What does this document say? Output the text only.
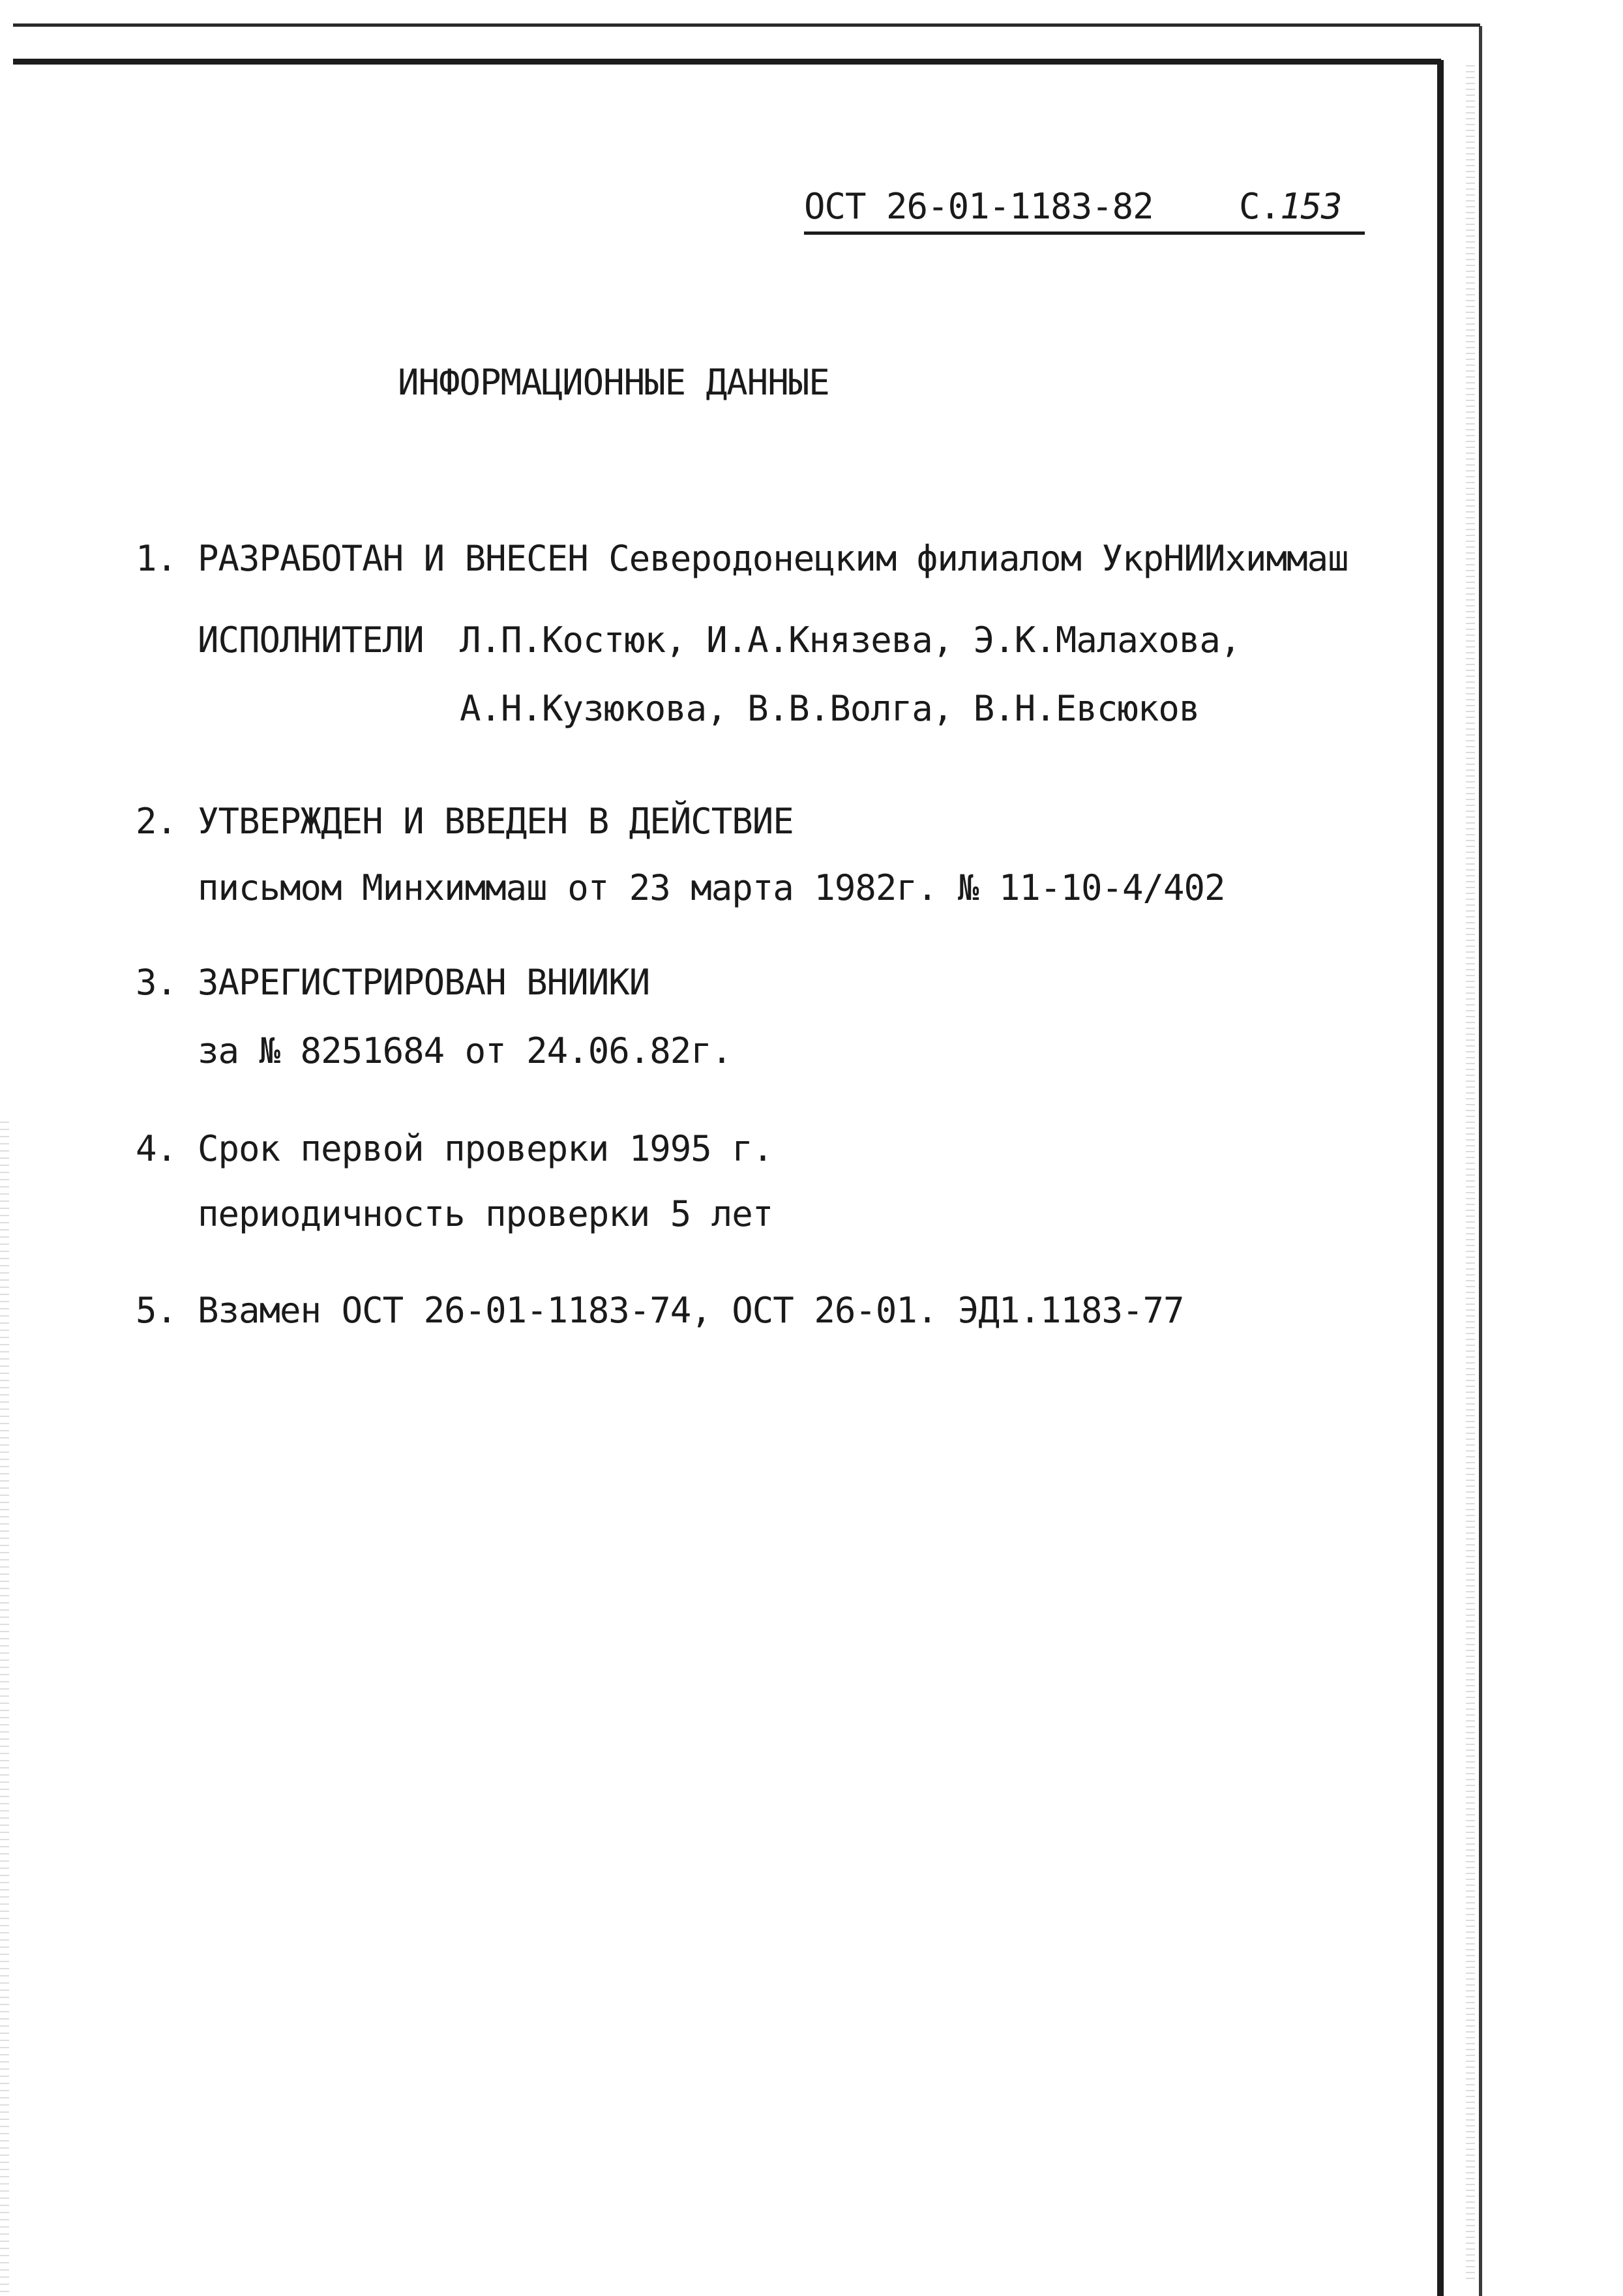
ОСТ 26-01-1183-82 С.153
ИНФОРМАЦИОННЫЕ ДАННЫЕ
1. РАЗРАБОТАН И ВНЕСЕН Северодонецким филиалом УкрНИИхиммаш
ИСПОЛНИТЕЛИ Л.П.Костюк, И.А.Князева, Э.К.Малахова,
А.Н.Кузюкова, В.В.Волга, В.Н.Евсюков
2. УТВЕРЖДЕН И ВВЕДЕН В ДЕЙСТВИЕ
письмом Минхиммаш от 23 марта 1982г. № 11-10-4/402
3. ЗАРЕГИСТРИРОВАН ВНИИКИ
за № 8251684 от 24.06.82г.
4. Срок первой проверки 1995 г.
периодичность проверки 5 лет
5. Взамен ОСТ 26-01-1183-74, ОСТ 26-01. ЭД1.1183-77
